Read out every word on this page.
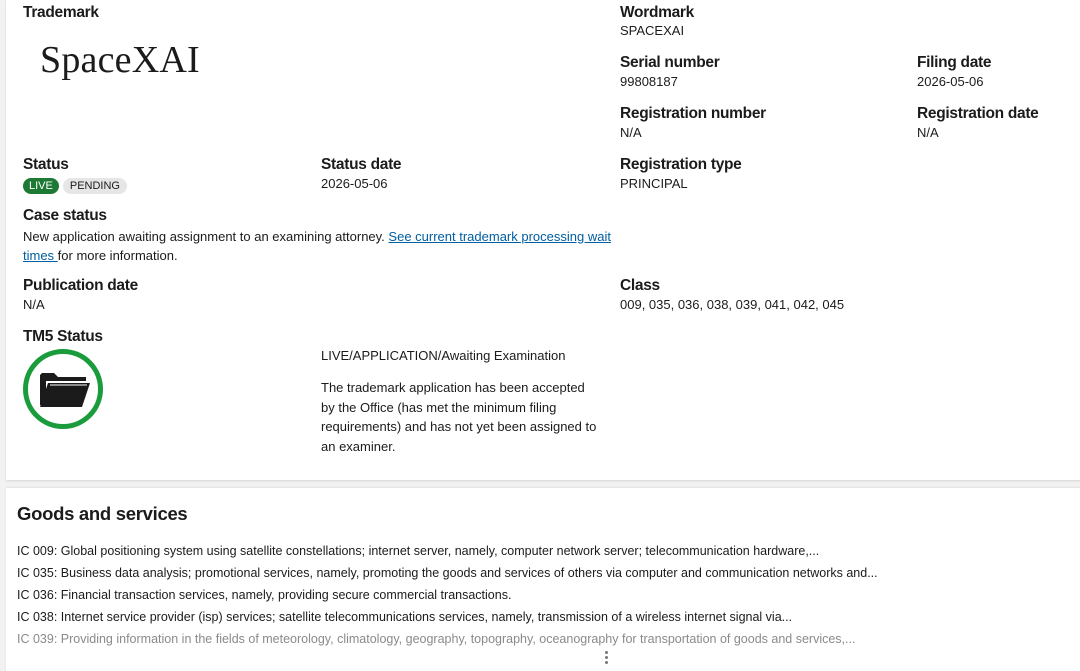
Trademark
SpaceXAI
Wordmark
SPACEXAI
Serial number
99808187
Filing date
2026-05-06
Registration number
N/A
Registration date
N/A
Status
LIVE PENDING
Status date
2026-05-06
Registration type
PRINCIPAL
Case status
New application awaiting assignment to an examining attorney. See current trademark processing wait times for more information.
Publication date
N/A
Class
009, 035, 036, 038, 039, 041, 042, 045
TM5 Status
LIVE/APPLICATION/Awaiting Examination
The trademark application has been accepted by the Office (has met the minimum filing requirements) and has not yet been assigned to an examiner.
Goods and services
IC 009: Global positioning system using satellite constellations; internet server, namely, computer network server; telecommunication hardware,...
IC 035: Business data analysis; promotional services, namely, promoting the goods and services of others via computer and communication networks and...
IC 036: Financial transaction services, namely, providing secure commercial transactions.
IC 038: Internet service provider (isp) services; satellite telecommunications services, namely, transmission of a wireless internet signal via...
IC 039: Providing information in the fields of meteorology, climatology, geography, topography, oceanography for transportation of goods and services,...
